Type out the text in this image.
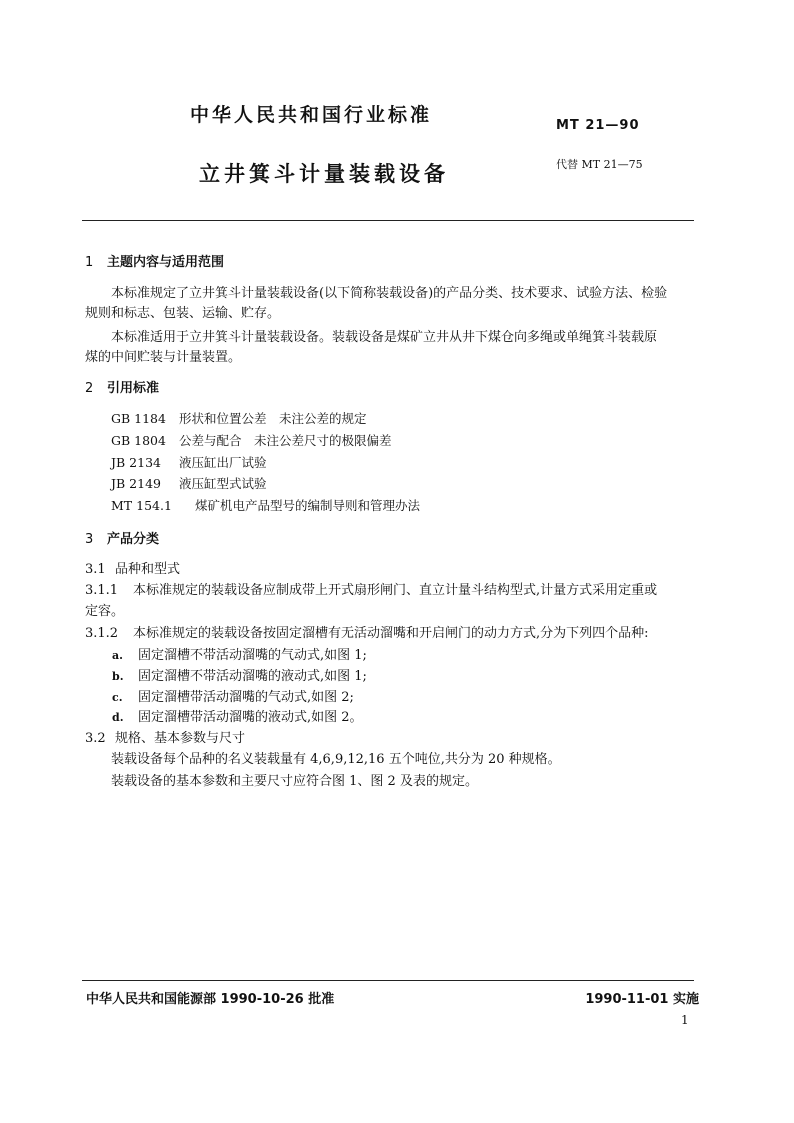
中华人民共和国行业标准	MT 21—90
立井箕斗计量装载设备	代替 MT 21—75
1 主题内容与适用范围
本标准规定了立井箕斗计量装载设备(以下简称装载设备)的产品分类、技术要求、试验方法、检验
规则和标志、包装、运输、贮存。
本标准适用于立井箕斗计量装载设备。装载设备是煤矿立井从井下煤仓向多绳或单绳箕斗装载原
煤的中间贮装与计量装置。
2 引用标准
GB 1184 形状和位置公差　未注公差的规定
GB 1804 公差与配合　未注公差尺寸的极限偏差
JB 2134 液压缸出厂试验
JB 2149 液压缸型式试验
MT 154.1 煤矿机电产品型号的编制导则和管理办法
3 产品分类
3.1 品种和型式
3.1.1 本标准规定的装载设备应制成带上开式扇形闸门、直立计量斗结构型式,计量方式采用定重或
定容。
3.1.2 本标准规定的装载设备按固定溜槽有无活动溜嘴和开启闸门的动力方式,分为下列四个品种:
a. 固定溜槽不带活动溜嘴的气动式,如图 1;
b. 固定溜槽不带活动溜嘴的液动式,如图 1;
c. 固定溜槽带活动溜嘴的气动式,如图 2;
d. 固定溜槽带活动溜嘴的液动式,如图 2。
3.2 规格、基本参数与尺寸
装载设备每个品种的名义装载量有 4,6,9,12,16 五个吨位,共分为 20 种规格。
装载设备的基本参数和主要尺寸应符合图 1、图 2 及表的规定。
中华人民共和国能源部 1990-10-26 批准	1990-11-01 实施
1
